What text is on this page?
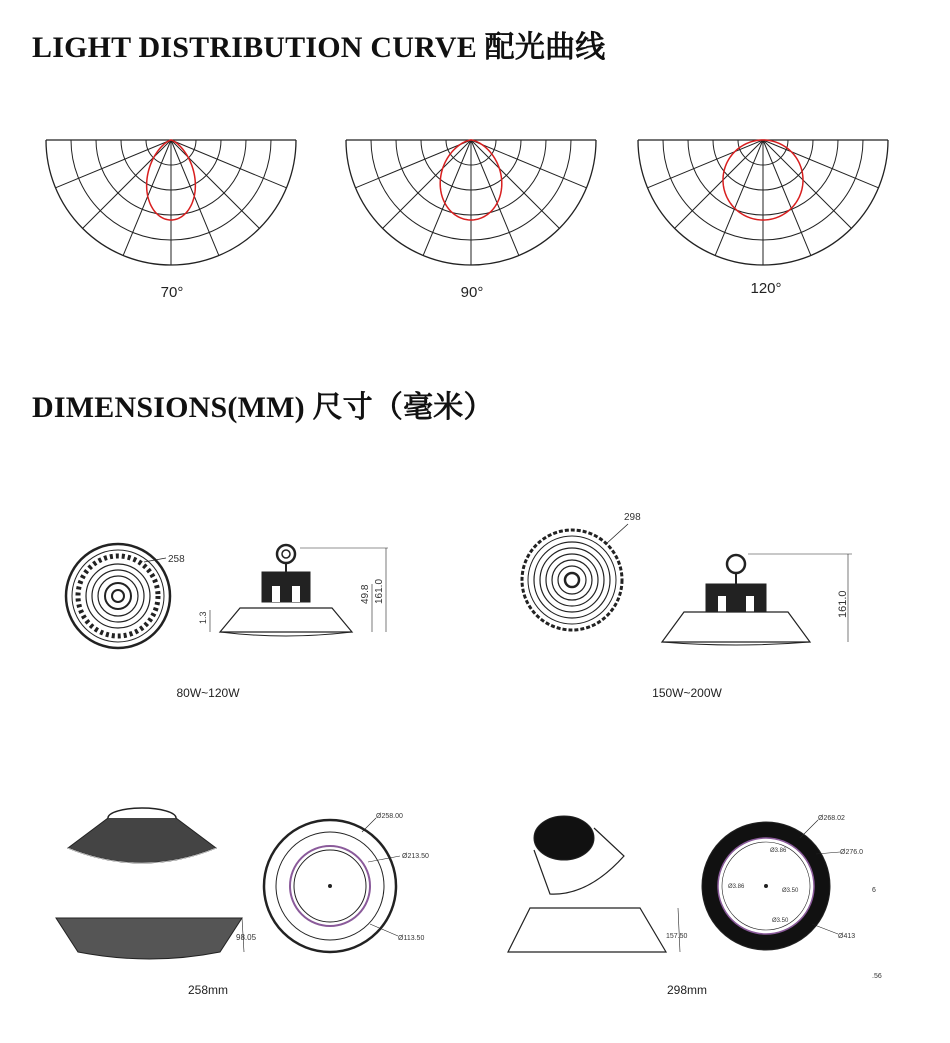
LIGHT DISTRIBUTION CURVE 配光曲线
70°	90°	120°
DIMENSIONS(MM) 尺寸（毫米）
258
49.8 161.0
1.3
80W~120W
298
161.0
150W~200W
98.05
Ø258.00
Ø213.50
Ø113.50
258mm
157.50
Ø268.02
Ø276.0
Ø3.86
Ø3.86
Ø3.50
Ø3.50
Ø413
6
.56
298mm
